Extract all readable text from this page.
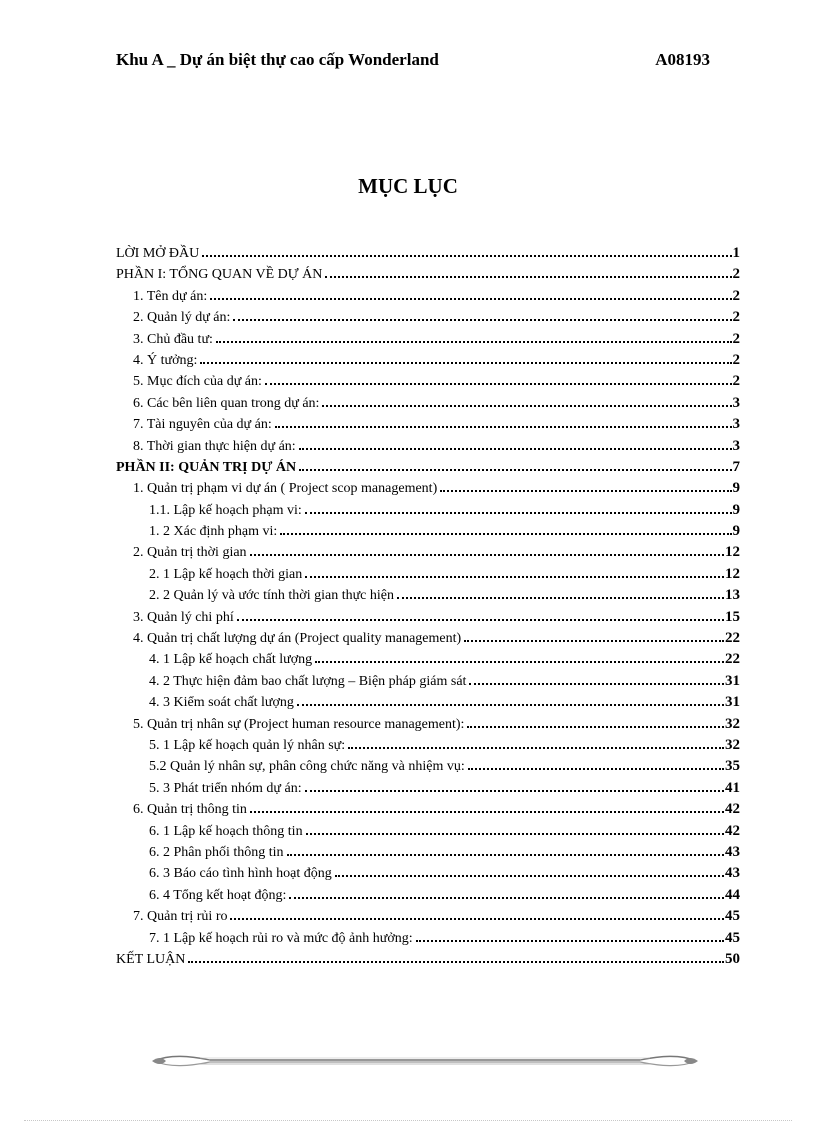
Khu A _ Dự án biệt thự cao cấp Wonderland	A08193
MỤC LỤC
LỜI MỞ ĐẦU	1
PHẦN I: TỔNG QUAN VỀ DỰ ÁN	2
1. Tên dự án:	2
2. Quản lý dự án:	2
3. Chủ đầu tư:	2
4. Ý tưởng:	2
5. Mục đích của dự án:	2
6. Các bên liên quan trong dự án:	3
7. Tài nguyên của dự án:	3
8. Thời gian thực hiện dự án:	3
PHẦN II: QUẢN TRỊ DỰ ÁN	7
1. Quản trị phạm vi dự án ( Project scop management)	9
1.1. Lập kế hoạch phạm vi:	9
1. 2 Xác định phạm vi:	9
2. Quản trị thời gian	12
2. 1 Lập kế hoạch thời gian	12
2. 2 Quản lý và ước tính thời gian thực hiện	13
3. Quản lý chi phí	15
4. Quản trị chất lượng dự án (Project quality management)	22
4. 1 Lập kế hoạch chất lượng	22
4. 2 Thực hiện đảm bao chất lượng – Biện pháp giám sát	31
4. 3 Kiểm soát chất lượng	31
5. Quản trị nhân sự (Project human resource management):	32
5. 1 Lập kế hoạch quản lý nhân sự:	32
5.2 Quản lý nhân sự, phân công chức năng và nhiệm vụ:	35
5. 3 Phát triển nhóm dự án:	41
6. Quản trị thông tin	42
6. 1 Lập kế hoạch thông tin	42
6. 2 Phân phối thông tin	43
6. 3 Báo cáo tình hình hoạt động	43
6. 4 Tổng kết hoạt động:	44
7. Quản trị rủi ro	45
7. 1 Lập kế hoạch rủi ro và mức độ ảnh hưởng:	45
KẾT LUẬN	50
